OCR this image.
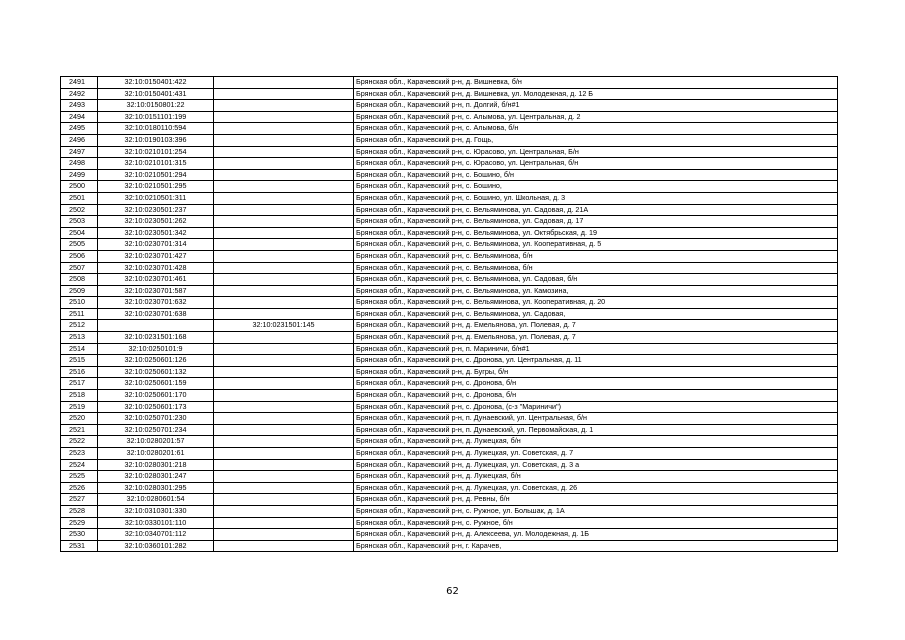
2491	32:10:0150401:422		Брянская обл., Карачевский р-н, д. Вишневка, б/н
2492	32:10:0150401:431		Брянская обл., Карачевский р-н, д. Вишневка, ул. Молодежная, д. 12 Б
2493	32:10:0150801:22		Брянская обл., Карачевский р-н, п. Долгий, б/н#1
2494	32:10:0151101:199		Брянская обл., Карачевский р-н, с. Алымова, ул. Центральная, д. 2
2495	32:10:0180110:594		Брянская обл., Карачевский р-н, с. Алымова, б/н
2496	32:10:0190103:396		Брянская обл., Карачевский р-н, д. Гощь,
2497	32:10:0210101:254		Брянская обл., Карачевский р-н, с. Юрасово, ул. Центральная, Б/н
2498	32:10:0210101:315		Брянская обл., Карачевский р-н, с. Юрасово, ул. Центральная, б/н
2499	32:10:0210501:294		Брянская обл., Карачевский р-н, с. Бошино, б/н
2500	32:10:0210501:295		Брянская обл., Карачевский р-н, с. Бошино,
2501	32:10:0210501:311		Брянская обл., Карачевский р-н, с. Бошино, ул. Школьная, д. 3
2502	32:10:0230501:237		Брянская обл., Карачевский р-н, с. Вельяминова, ул. Садовая, д. 21А
2503	32:10:0230501:262		Брянская обл., Карачевский р-н, с. Вельяминова, ул. Садовая, д. 17
2504	32:10:0230501:342		Брянская обл., Карачевский р-н, с. Вельяминова, ул. Октябрьская, д. 19
2505	32:10:0230701:314		Брянская обл., Карачевский р-н, с. Вельяминова, ул. Кооперативная, д. 5
2506	32:10:0230701:427		Брянская обл., Карачевский р-н, с. Вельяминова, б/н
2507	32:10:0230701:428		Брянская обл., Карачевский р-н, с. Вельяминова, б/н
2508	32:10:0230701:461		Брянская обл., Карачевский р-н, с. Вельяминова, ул. Садовая, б/н
2509	32:10:0230701:587		Брянская обл., Карачевский р-н, с. Вельяминова, ул. Камозина,
2510	32:10:0230701:632		Брянская обл., Карачевский р-н, с. Вельяминова, ул. Кооперативная, д. 20
2511	32:10:0230701:638		Брянская обл., Карачевский р-н, с. Вельяминова, ул. Садовая,
2512		32:10:0231501:145	Брянская обл., Карачевский р-н, д. Емельянова, ул. Полевая, д. 7
2513	32:10:0231501:168		Брянская обл., Карачевский р-н, д. Емельянова, ул. Полевая, д. 7
2514	32:10:0250101:9		Брянская обл., Карачевский р-н, п. Мариничи, б/н#1
2515	32:10:0250601:126		Брянская обл., Карачевский р-н, с. Дронова, ул. Центральная, д. 11
2516	32:10:0250601:132		Брянская обл., Карачевский р-н, д. Бугры, б/н
2517	32:10:0250601:159		Брянская обл., Карачевский р-н, с. Дронова, б/н
2518	32:10:0250601:170		Брянская обл., Карачевский р-н, с. Дронова, б/н
2519	32:10:0250601:173		Брянская обл., Карачевский р-н, с. Дронова, (с-з "Мариничи")
2520	32:10:0250701:230		Брянская обл., Карачевский р-н, п. Дунаевский, ул. Центральная, б/н
2521	32:10:0250701:234		Брянская обл., Карачевский р-н, п. Дунаевский, ул. Первомайская, д. 1
2522	32:10:0280201:57		Брянская обл., Карачевский р-н, д. Лужецкая, б/н
2523	32:10:0280201:61		Брянская обл., Карачевский р-н, д. Лужецкая, ул. Советская, д. 7
2524	32:10:0280301:218		Брянская обл., Карачевский р-н, д. Лужецкая, ул. Советская, д. 3 а
2525	32:10:0280301:247		Брянская обл., Карачевский р-н, д. Лужецкая, б/н
2526	32:10:0280301:295		Брянская обл., Карачевский р-н, д. Лужецкая, ул. Советская, д. 26
2527	32:10:0280601:54		Брянская обл., Карачевский р-н, д. Ревны, б/н
2528	32:10:0310301:330		Брянская обл., Карачевский р-н, с. Ружное, ул. Большак, д. 1А
2529	32:10:0330101:110		Брянская обл., Карачевский р-н, с. Ружное, б/н
2530	32:10:0340701:112		Брянская обл., Карачевский р-н, д. Алексеева, ул. Молодежная, д. 1Б
2531	32:10:0360101:282		Брянская обл., Карачевский р-н, г. Карачев,
62
